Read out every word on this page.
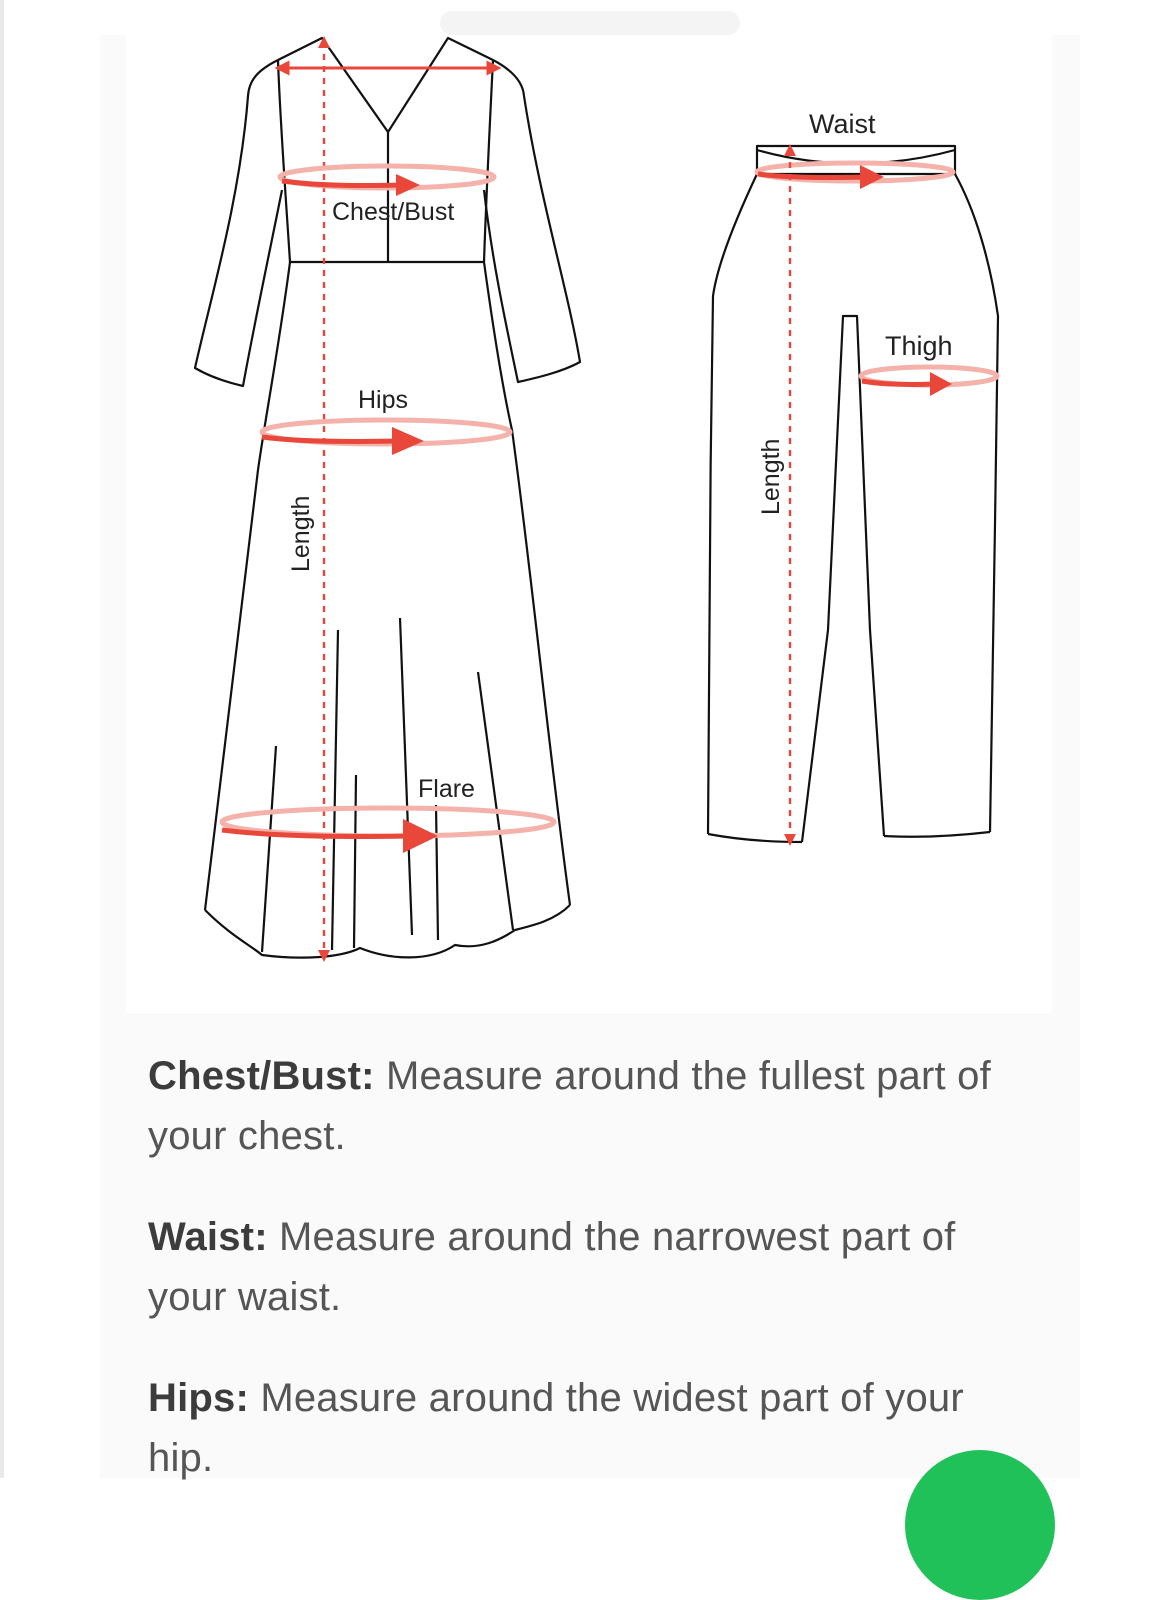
Chest/Bust
Hips
Flare
Length
Waist
Thigh
Length

Chest/Bust: Measure around the fullest part of your chest.

Waist: Measure around the narrowest part of your waist.

Hips: Measure around the widest part of your hip.
